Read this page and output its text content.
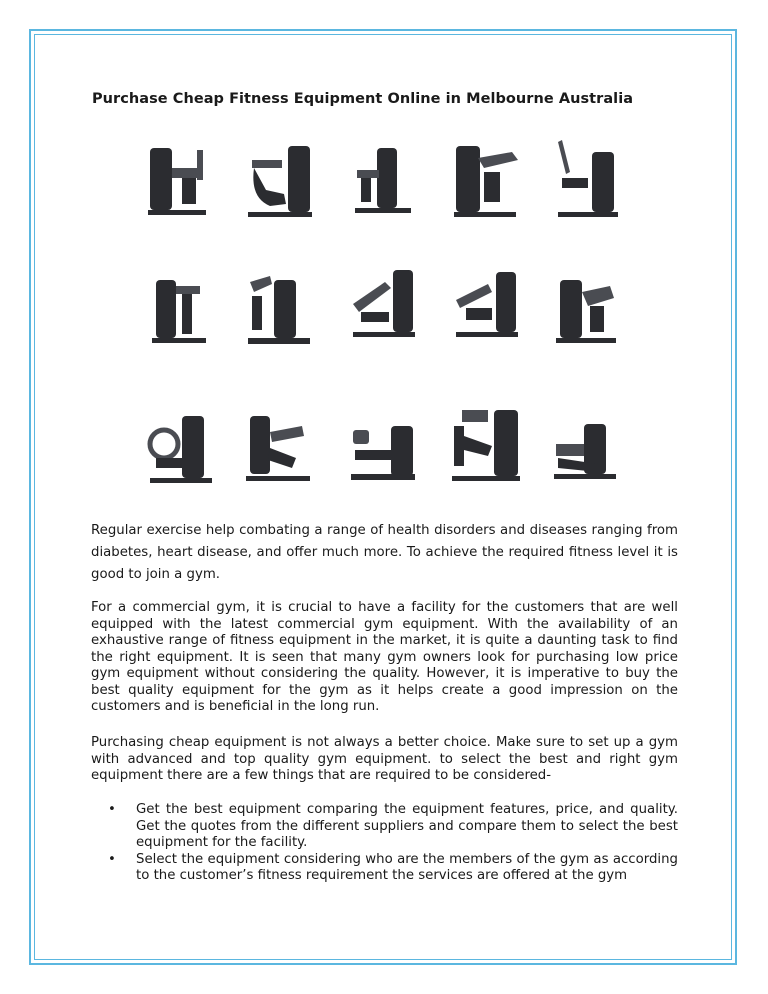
Purchase Cheap Fitness Equipment Online in Melbourne Australia

Regular exercise help combating a range of health disorders and diseases ranging from diabetes, heart disease, and offer much more. To achieve the required fitness level it is good to join a gym.

For a commercial gym, it is crucial to have a facility for the customers that are well equipped with the latest commercial gym equipment. With the availability of an exhaustive range of fitness equipment in the market, it is quite a daunting task to find the right equipment. It is seen that many gym owners look for purchasing low price gym equipment without considering the quality. However, it is imperative to buy the best quality equipment for the gym as it helps create a good impression on the customers and is beneficial in the long run.

Purchasing cheap equipment is not always a better choice. Make sure to set up a gym with advanced and top quality gym equipment. to select the best and right gym equipment there are a few things that are required to be considered-

• Get the best equipment comparing the equipment features, price, and quality. Get the quotes from the different suppliers and compare them to select the best equipment for the facility.
• Select the equipment considering who are the members of the gym as according to the customer’s fitness requirement the services are offered at the gym
